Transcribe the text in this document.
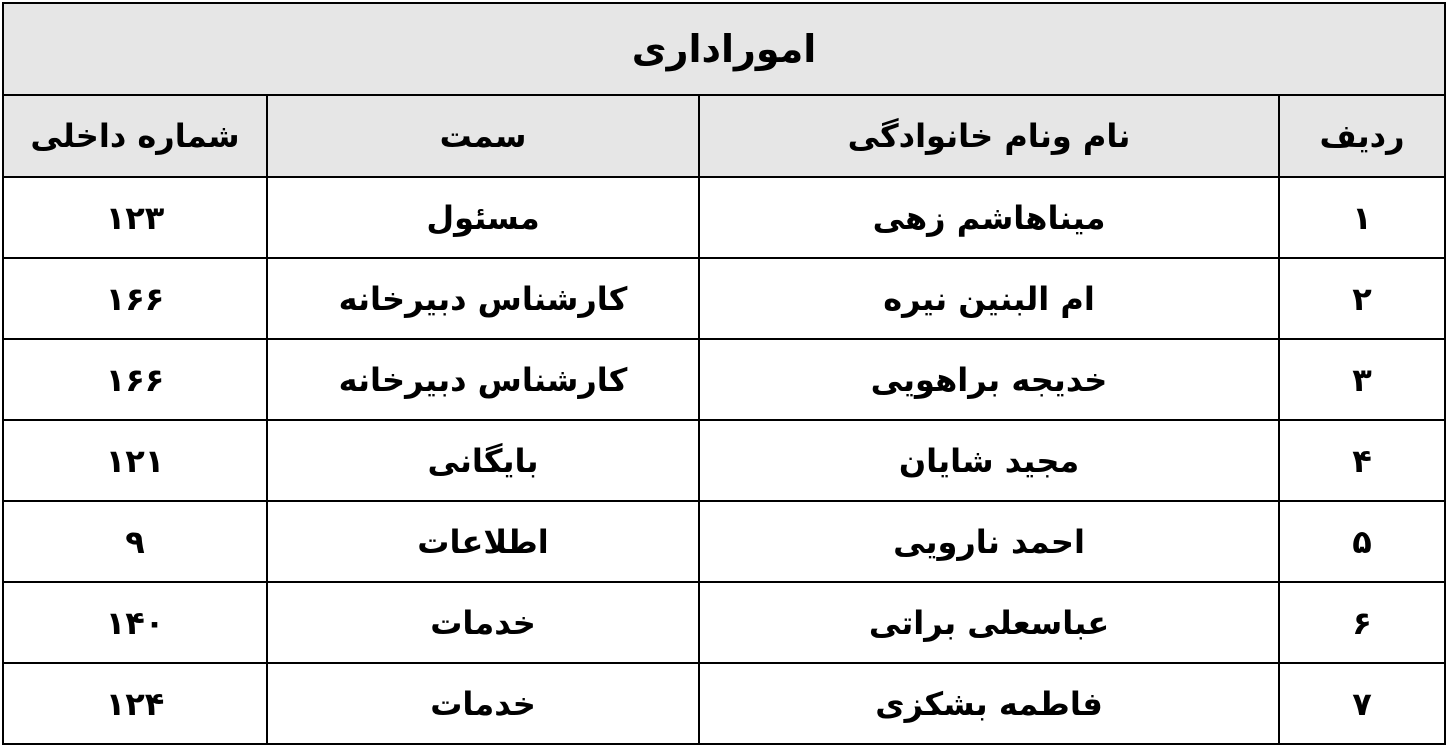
امورادارى			
رديف	نام ونام خانوادگى	سمت	شماره داخلى
۱	ميناهاشم زهى	مسئول	۱۲۳
۲	ام البنين نيره	كارشناس دبيرخانه	۱۶۶
۳	خديجه براهويى	كارشناس دبيرخانه	۱۶۶
۴	مجيد شايان	بايگانى	۱۲۱
۵	احمد نارويى	اطلاعات	۹
۶	عباسعلى براتى	خدمات	۱۴۰
۷	فاطمه بشكزى	خدمات	۱۲۴
